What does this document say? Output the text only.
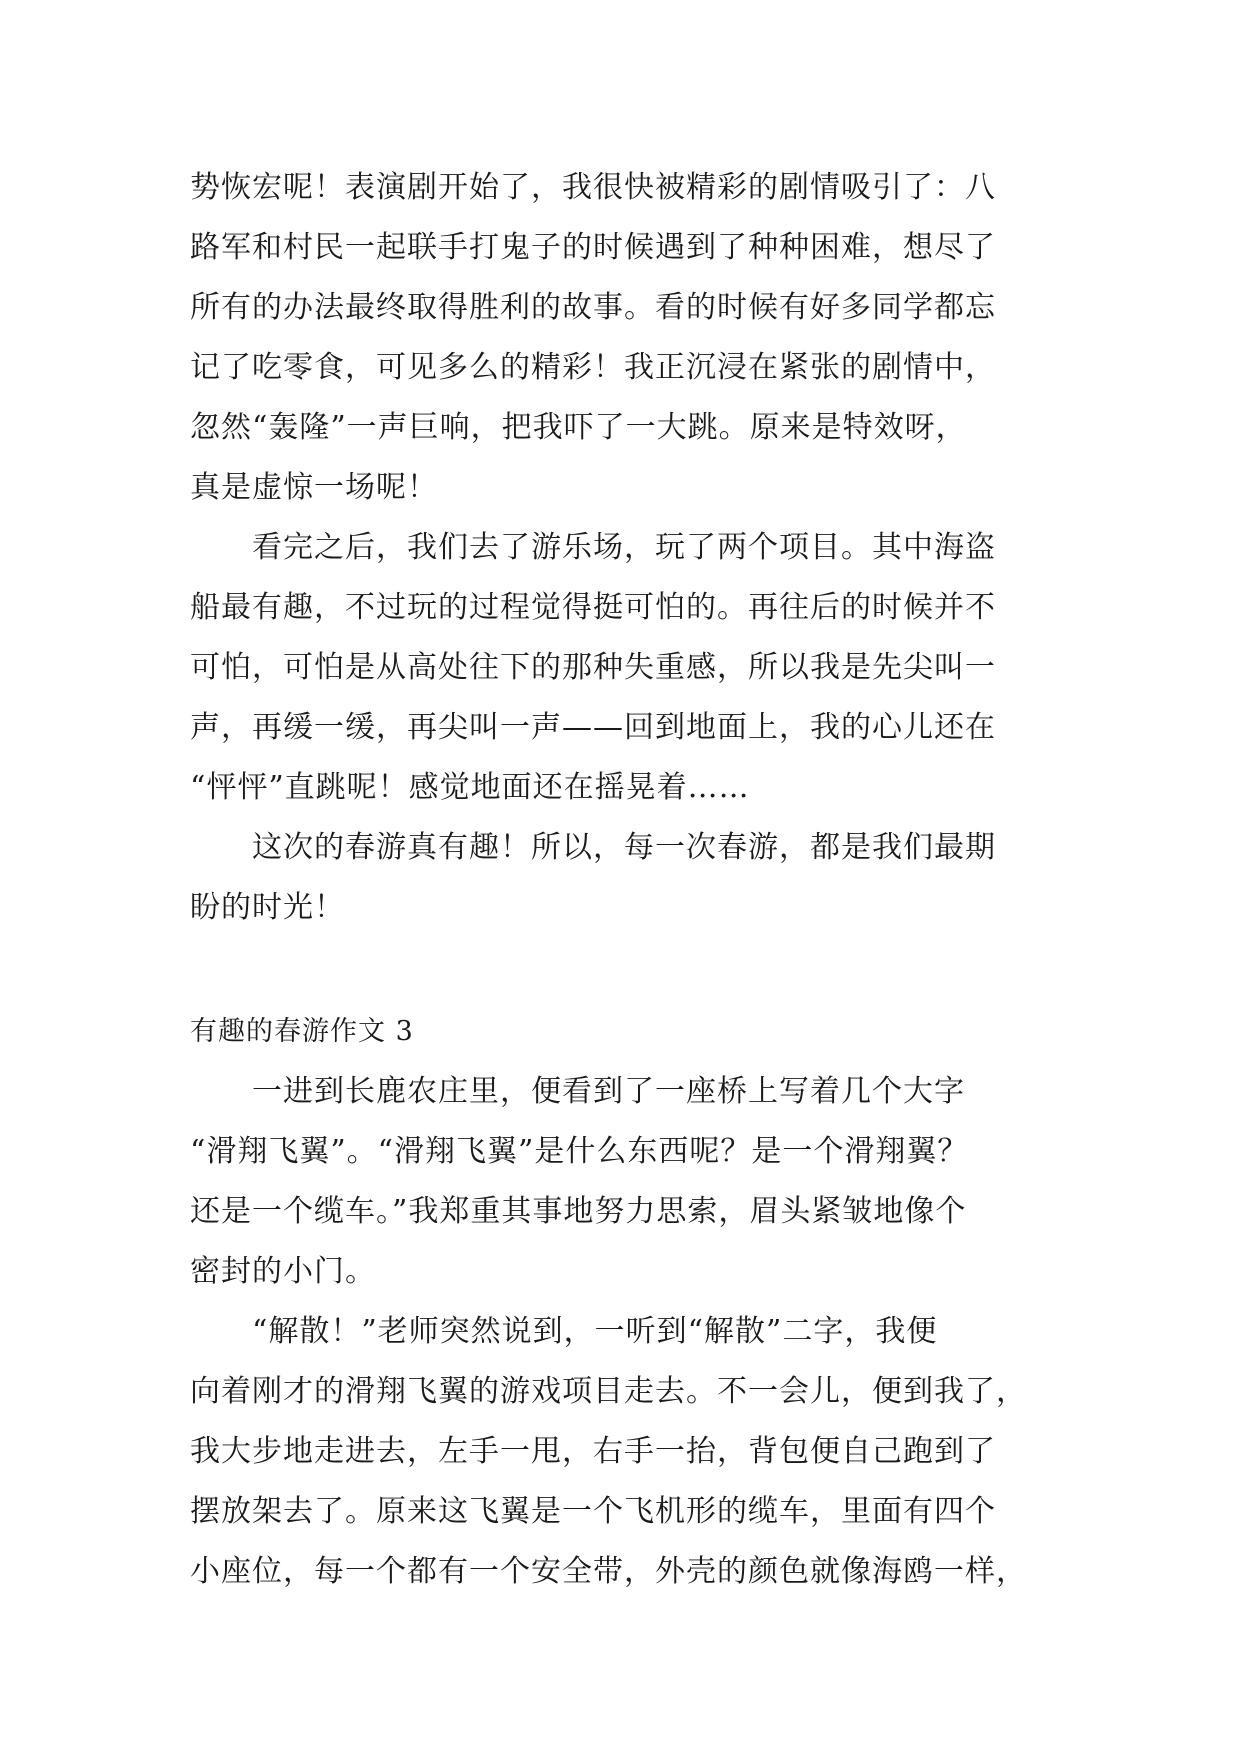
势恢宏呢！表演剧开始了，我很快被精彩的剧情吸引了：八
路军和村民一起联手打鬼子的时候遇到了种种困难，想尽了
所有的办法最终取得胜利的故事。看的时候有好多同学都忘
记了吃零食，可见多么的精彩！我正沉浸在紧张的剧情中，
忽然“轰隆”一声巨响，把我吓了一大跳。原来是特效呀，
真是虚惊一场呢！
看完之后，我们去了游乐场，玩了两个项目。其中海盗
船最有趣，不过玩的过程觉得挺可怕的。再往后的时候并不
可怕，可怕是从高处往下的那种失重感，所以我是先尖叫一
声，再缓一缓，再尖叫一声——回到地面上，我的心儿还在
“怦怦”直跳呢！感觉地面还在摇晃着……
这次的春游真有趣！所以，每一次春游，都是我们最期
盼的时光！
有趣的春游作文 3
一进到长鹿农庄里，便看到了一座桥上写着几个大字
“滑翔飞翼”。“滑翔飞翼”是什么东西呢？是一个滑翔翼？
还是一个缆车。”我郑重其事地努力思索，眉头紧皱地像个
密封的小门。
“解散！”老师突然说到，一听到“解散”二字，我便
向着刚才的滑翔飞翼的游戏项目走去。不一会儿，便到我了，
我大步地走进去，左手一甩，右手一抬，背包便自己跑到了
摆放架去了。原来这飞翼是一个飞机形的缆车，里面有四个
小座位，每一个都有一个安全带，外壳的颜色就像海鸥一样，
